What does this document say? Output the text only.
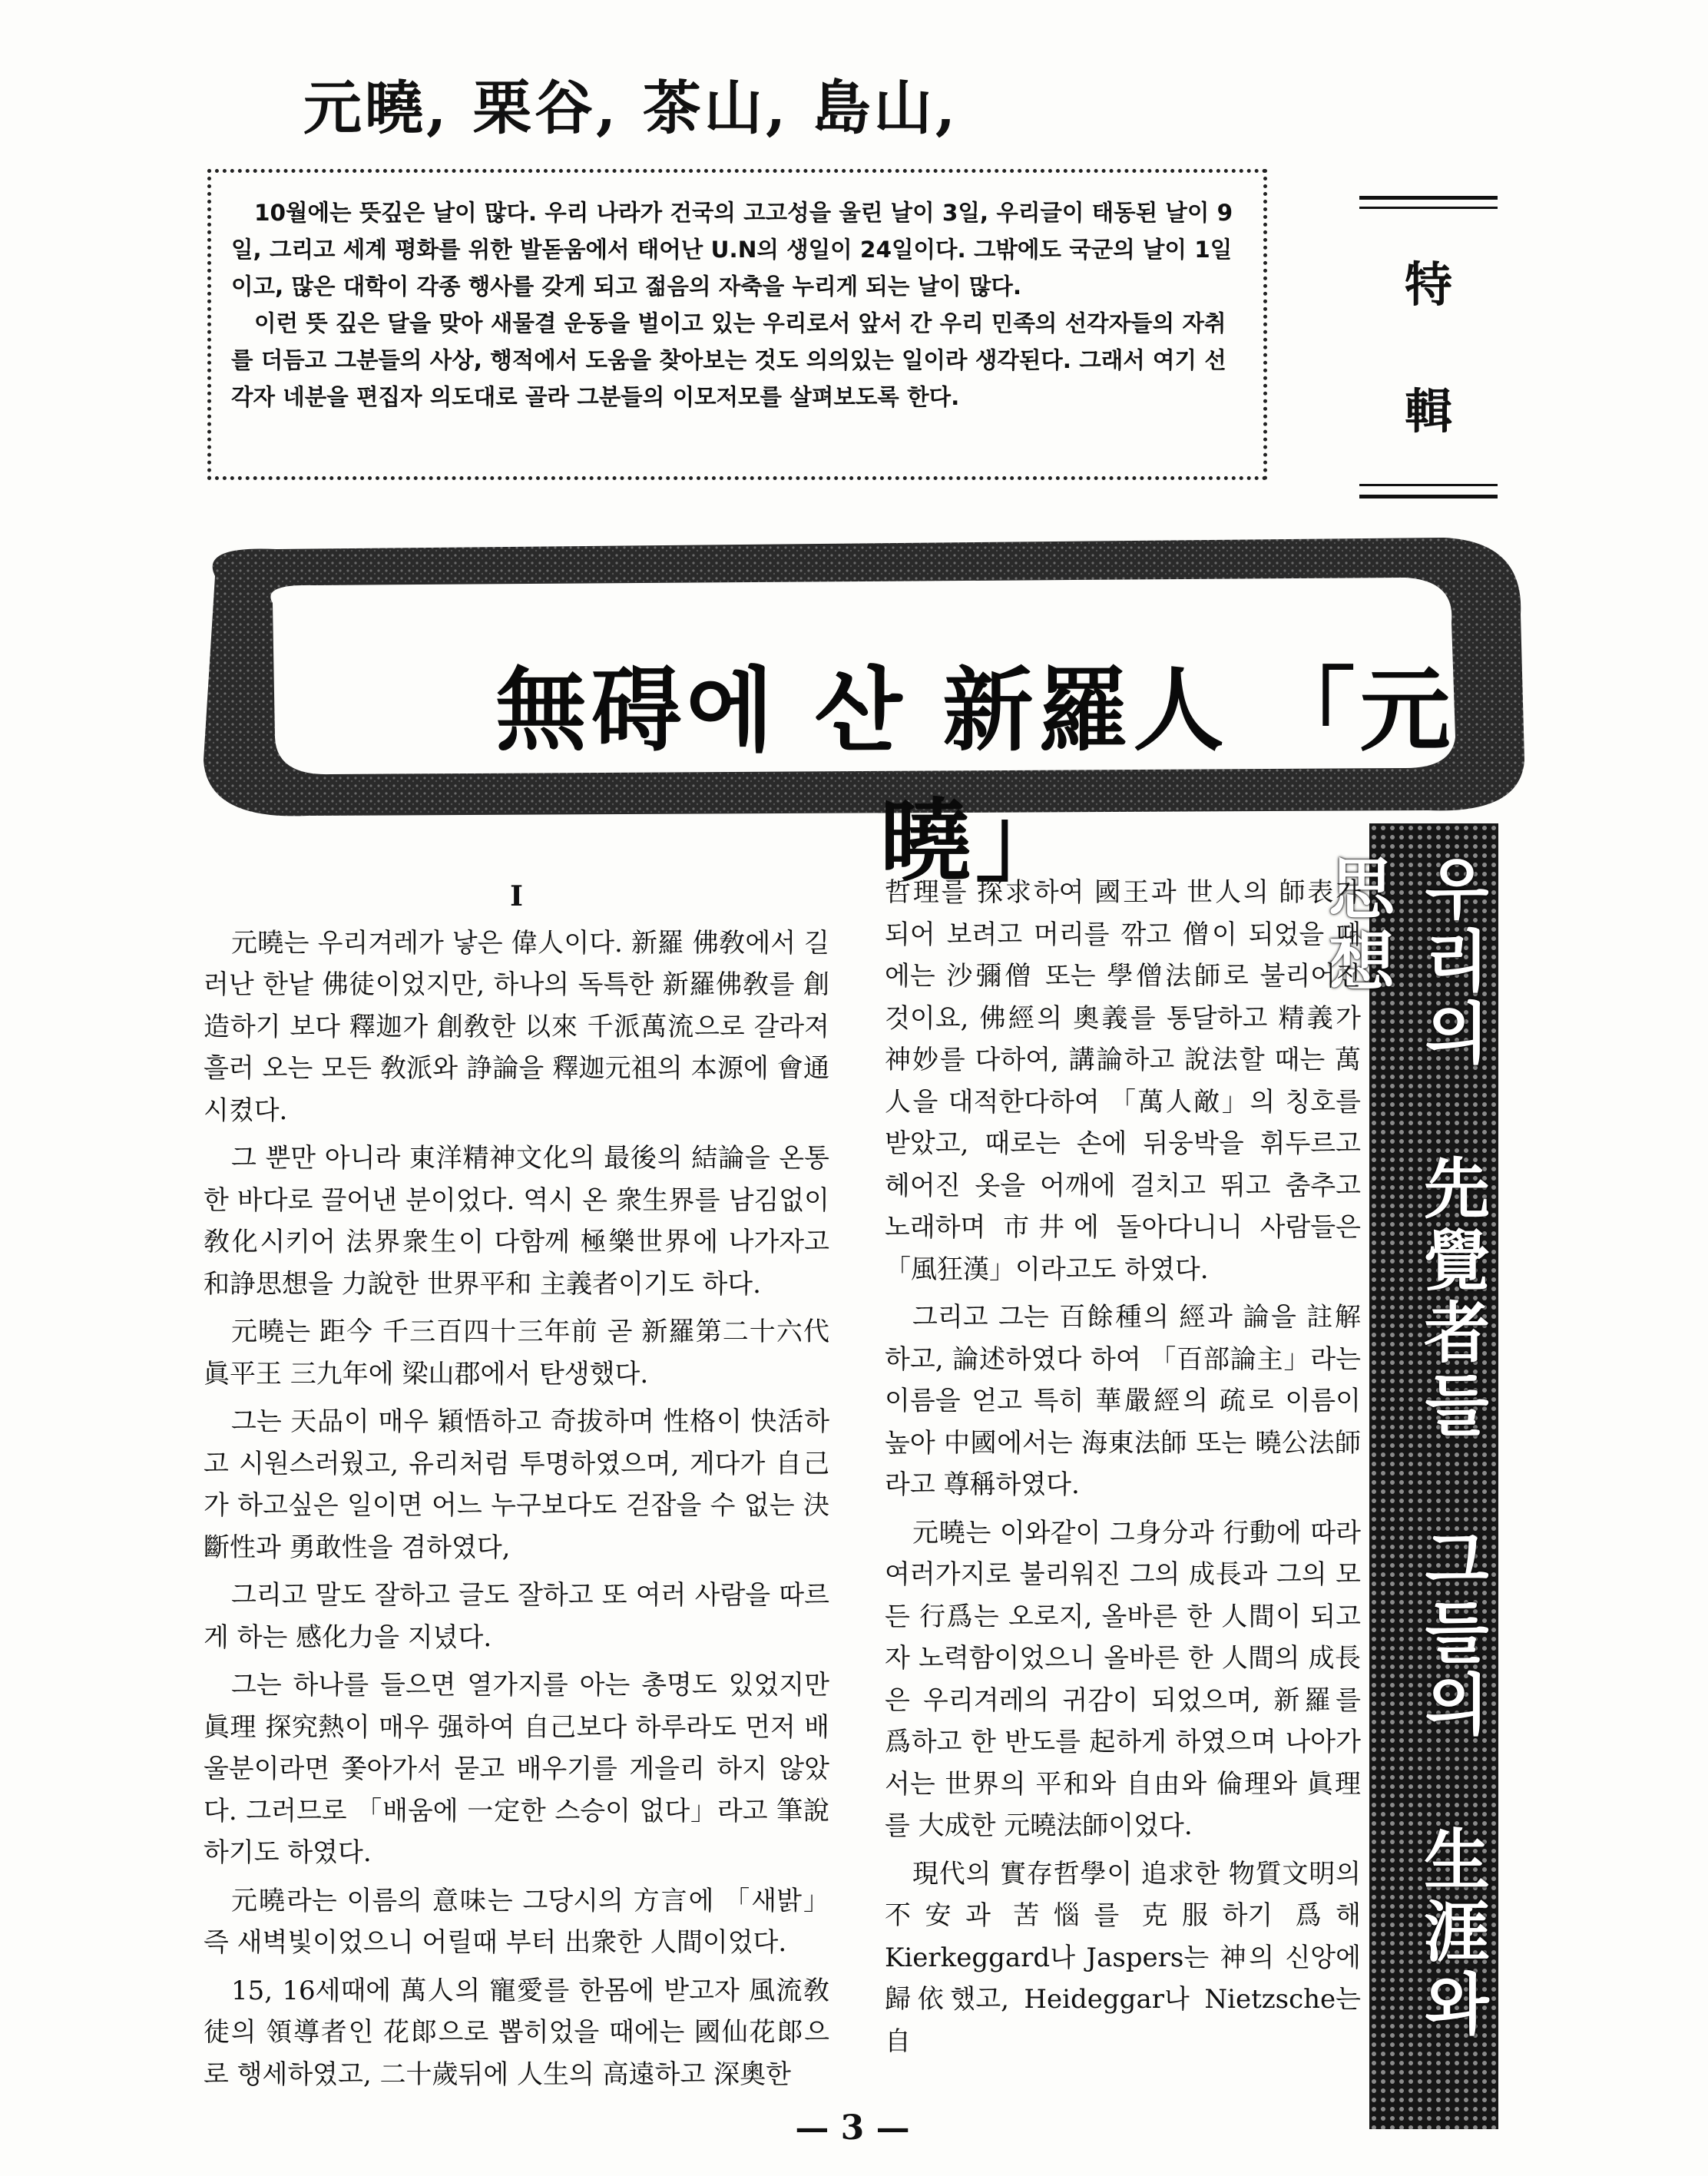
元曉, 栗谷, 茶山, 島山,

10월에는 뜻깊은 날이 많다. 우리 나라가 건국의 고고성을 울린 날이 3일, 우리글이 태동된 날이 9일, 그리고 세계 평화를 위한 발돋움에서 태어난 U.N의 생일이 24일이다. 그밖에도 국군의 날이 1일이고, 많은 대학이 각종 행사를 갖게 되고 젊음의 자축을 누리게 되는 날이 많다.

이런 뜻 깊은 달을 맞아 새물결 운동을 벌이고 있는 우리로서 앞서 간 우리 민족의 선각자들의 자취를 더듬고 그분들의 사상, 행적에서 도움을 찾아보는 것도 의의있는 일이라 생각된다. 그래서 여기 선각자 네분을 편집자 의도대로 골라 그분들의 이모저모를 살펴보도록 한다.

特
輯
無碍에 산 新羅人 「元曉」
우리의 先覺者들 그들의 生涯와 思想

I

元曉는 우리겨레가 낳은 偉人이다. 新羅 佛敎에서 길러난 한낱 佛徒이었지만, 하나의 독특한 新羅佛敎를 創造하기 보다 釋迦가 創敎한 以來 千派萬流으로 갈라져 흘러 오는 모든 敎派와 諍論을 釋迦元祖의 本源에 會通시켰다.

그 뿐만 아니라 東洋精神文化의 最後의 結論을 온통한 바다로 끌어낸 분이었다. 역시 온 衆生界를 남김없이 敎化시키어 法界衆生이 다함께 極樂世界에 나가자고 和諍思想을 力說한 世界平和 主義者이기도 하다.

元曉는 距今 千三百四十三年前 곧 新羅第二十六代 眞平王 三九年에 梁山郡에서 탄생했다.

그는 天品이 매우 穎悟하고 奇拔하며 性格이 快活하고 시원스러웠고, 유리처럼 투명하였으며, 게다가 自己가 하고싶은 일이면 어느 누구보다도 걷잡을 수 없는 決斷性과 勇敢性을 겸하였다,

그리고 말도 잘하고 글도 잘하고 또 여러 사람을 따르게 하는 感化力을 지녔다.

그는 하나를 들으면 열가지를 아는 총명도 있었지만 眞理 探究熱이 매우 强하여 自己보다 하루라도 먼저 배울분이라면 쫓아가서 묻고 배우기를 게을리 하지 않았다. 그러므로 「배움에 一定한 스승이 없다」라고 筆說하기도 하였다.

元曉라는 이름의 意味는 그당시의 方言에 「새밝」 즉 새벽빛이었으니 어릴때 부터 出衆한 人間이었다.

15, 16세때에 萬人의 寵愛를 한몸에 받고자 風流敎徒의 領導者인 花郞으로 뽑히었을 때에는 國仙花郞으로 행세하였고, 二十歲뒤에 人生의 高遠하고 深奧한

哲理를 探求하여 國王과 世人의 師表가 되어 보려고 머리를 깎고 僧이 되었을 때에는 沙彌僧 또는 學僧法師로 불리어진 것이요, 佛經의 奧義를 통달하고 精義가 神妙를 다하여, 講論하고 說法할 때는 萬人을 대적한다하여 「萬人敵」의 칭호를 받았고, 때로는 손에 뒤웅박을 휘두르고 헤어진 옷을 어깨에 걸치고 뛰고 춤추고 노래하며 市井에 돌아다니니 사람들은 「風狂漢」이라고도 하였다.

그리고 그는 百餘種의 經과 論을 註解하고, 論述하였다 하여 「百部論主」라는 이름을 얻고 특히 華嚴經의 疏로 이름이 높아 中國에서는 海東法師 또는 曉公法師라고 尊稱하였다.

元曉는 이와같이 그身分과 行動에 따라 여러가지로 불리워진 그의 成長과 그의 모든 行爲는 오로지, 올바른 한 人間이 되고자 노력함이었으니 올바른 한 人間의 成長은 우리겨레의 귀감이 되었으며, 新羅를 爲하고 한 반도를 起하게 하였으며 나아가서는 世界의 平和와 自由와 倫理와 眞理를 大成한 元曉法師이었다.

現代의 實存哲學이 追求한 物質文明의 不安과 苦惱를 克服하기 爲해 Kierkeggard나 Jaspers는 神의 신앙에 歸依했고, Heideggar나 Nietzsche는 自

— 3 —
